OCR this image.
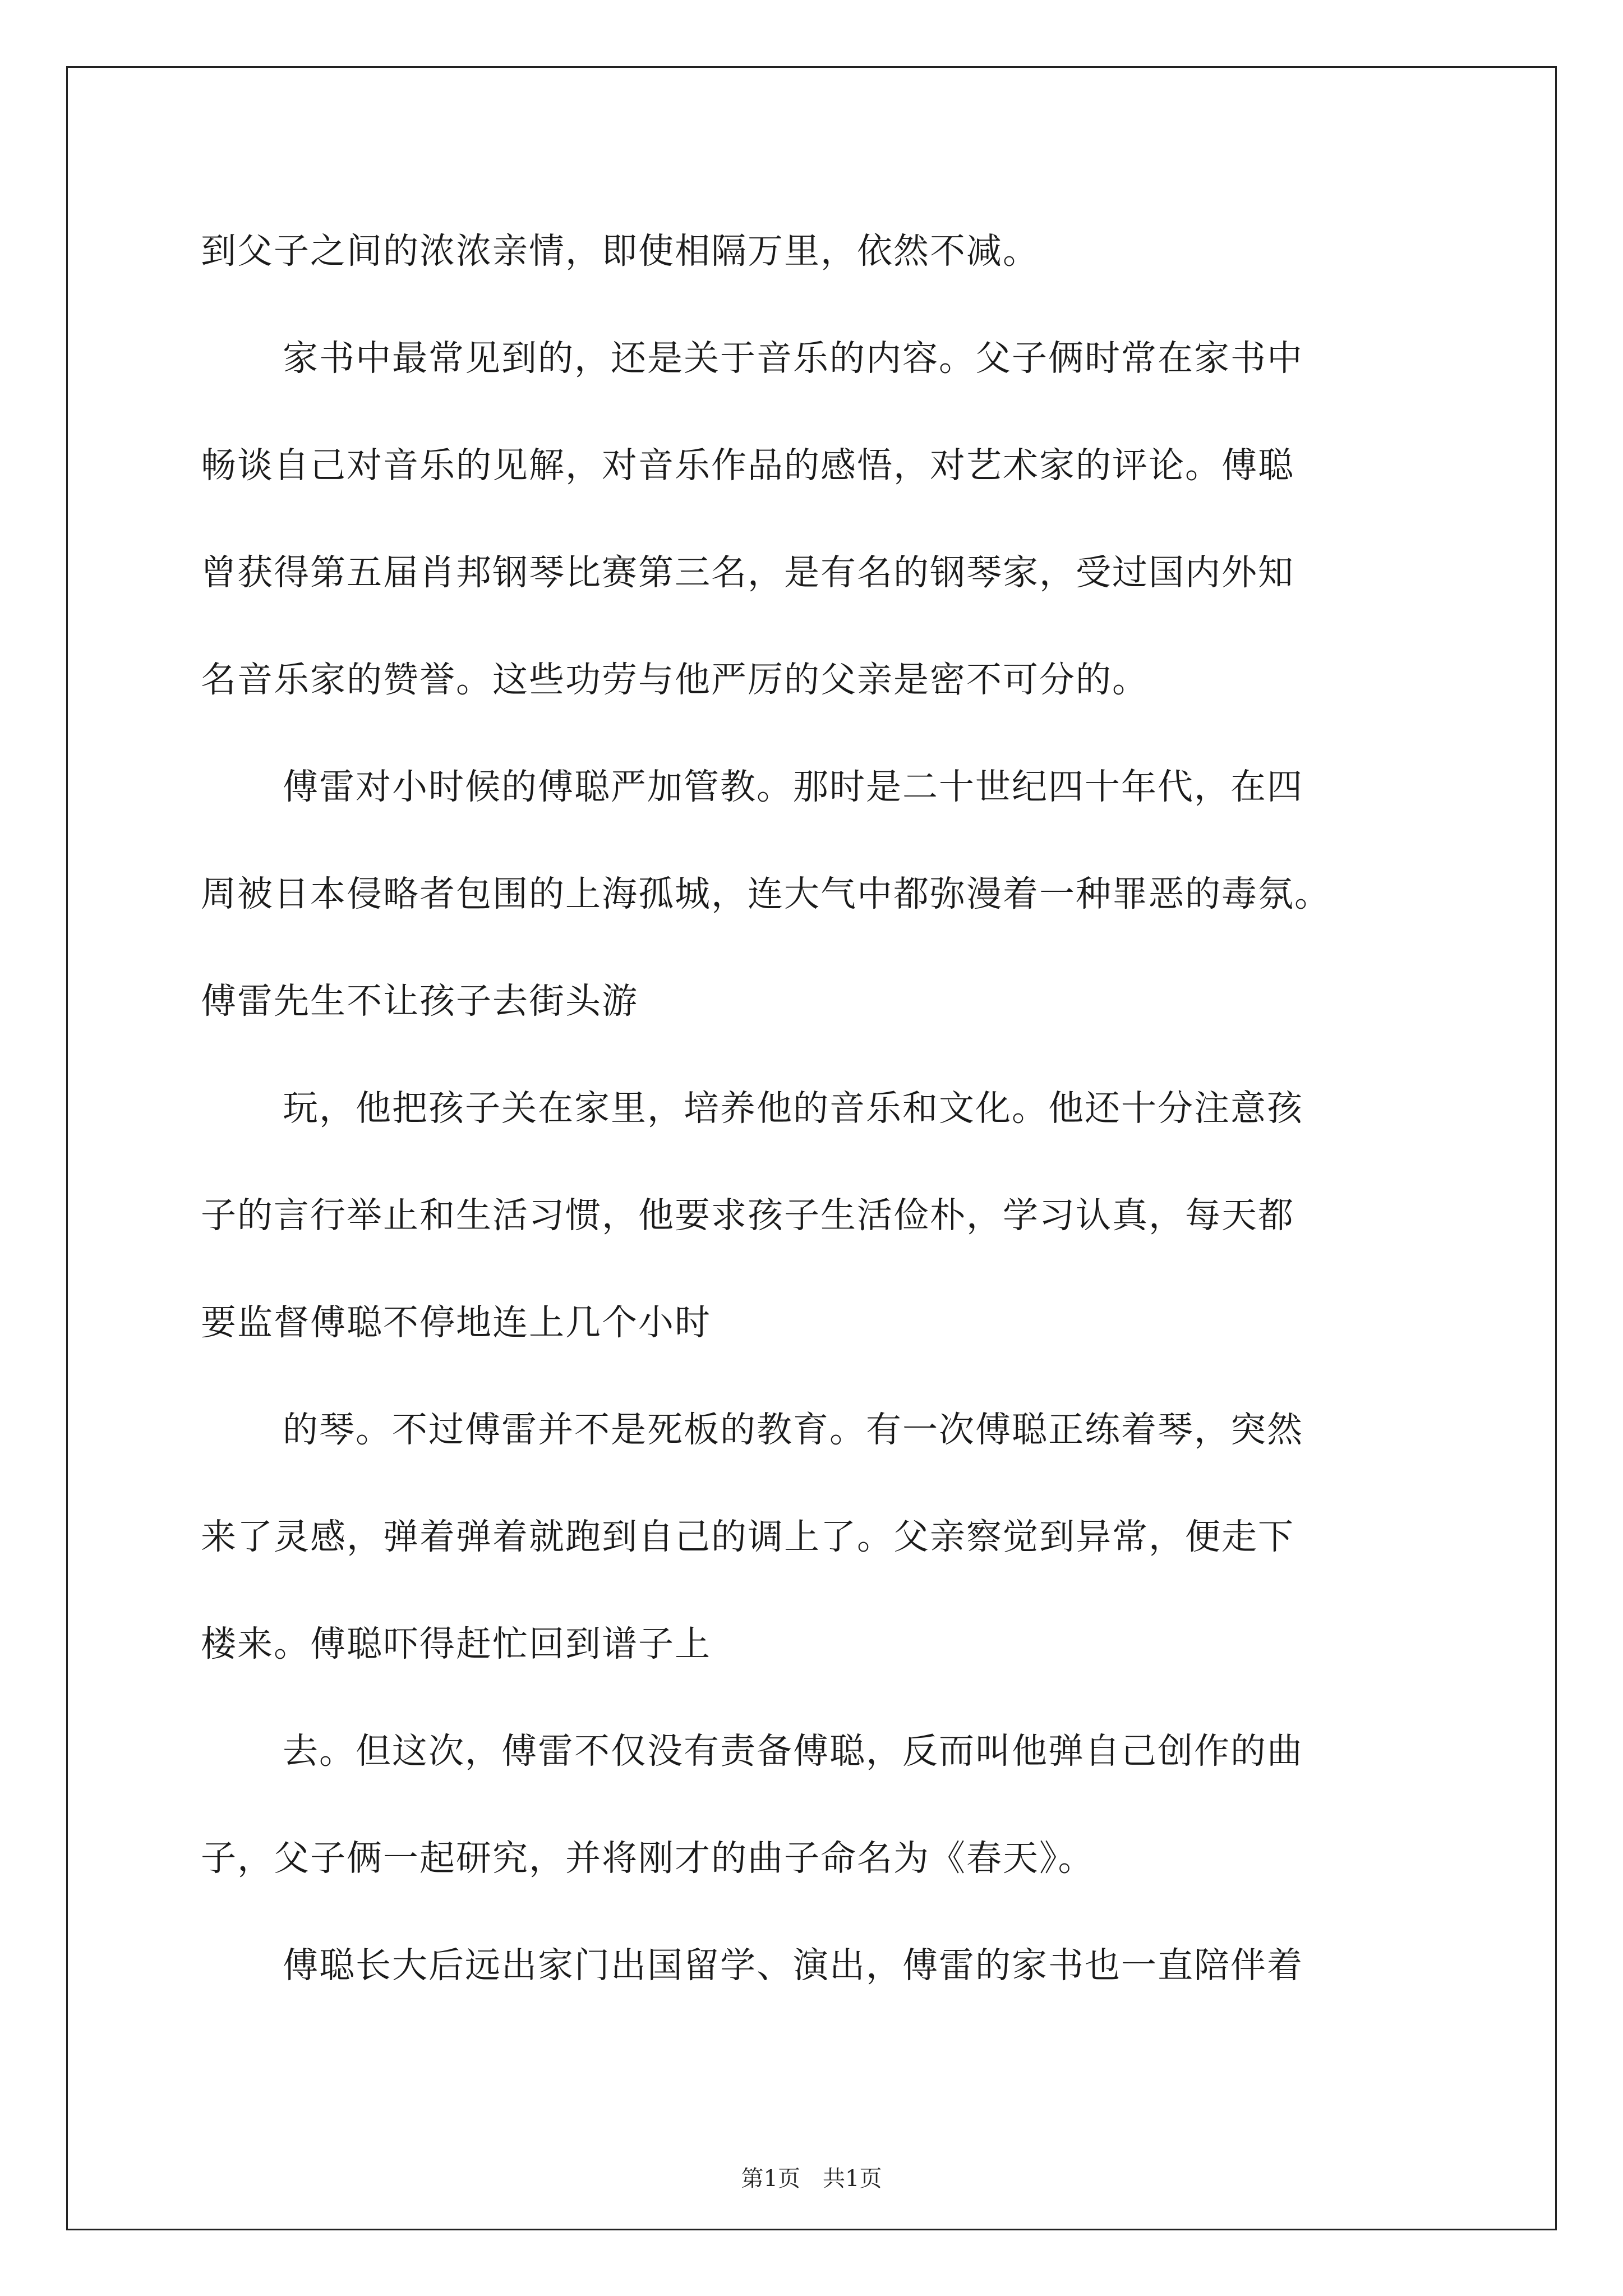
到父子之间的浓浓亲情，即使相隔万里，依然不减。
家书中最常见到的，还是关于音乐的内容。父子俩时常在家书中
畅谈自己对音乐的见解，对音乐作品的感悟，对艺术家的评论。傅聪
曾获得第五届肖邦钢琴比赛第三名，是有名的钢琴家，受过国内外知
名音乐家的赞誉。这些功劳与他严厉的父亲是密不可分的。
傅雷对小时候的傅聪严加管教。那时是二十世纪四十年代，在四
周被日本侵略者包围的上海孤城，连大气中都弥漫着一种罪恶的毒氛。
傅雷先生不让孩子去街头游
玩，他把孩子关在家里，培养他的音乐和文化。他还十分注意孩
子的言行举止和生活习惯，他要求孩子生活俭朴，学习认真，每天都
要监督傅聪不停地连上几个小时
的琴。不过傅雷并不是死板的教育。有一次傅聪正练着琴，突然
来了灵感，弹着弹着就跑到自己的调上了。父亲察觉到异常，便走下
楼来。傅聪吓得赶忙回到谱子上
去。但这次，傅雷不仅没有责备傅聪，反而叫他弹自己创作的曲
子，父子俩一起研究，并将刚才的曲子命名为《春天》。
傅聪长大后远出家门出国留学、演出，傅雷的家书也一直陪伴着
第1页　共1页
